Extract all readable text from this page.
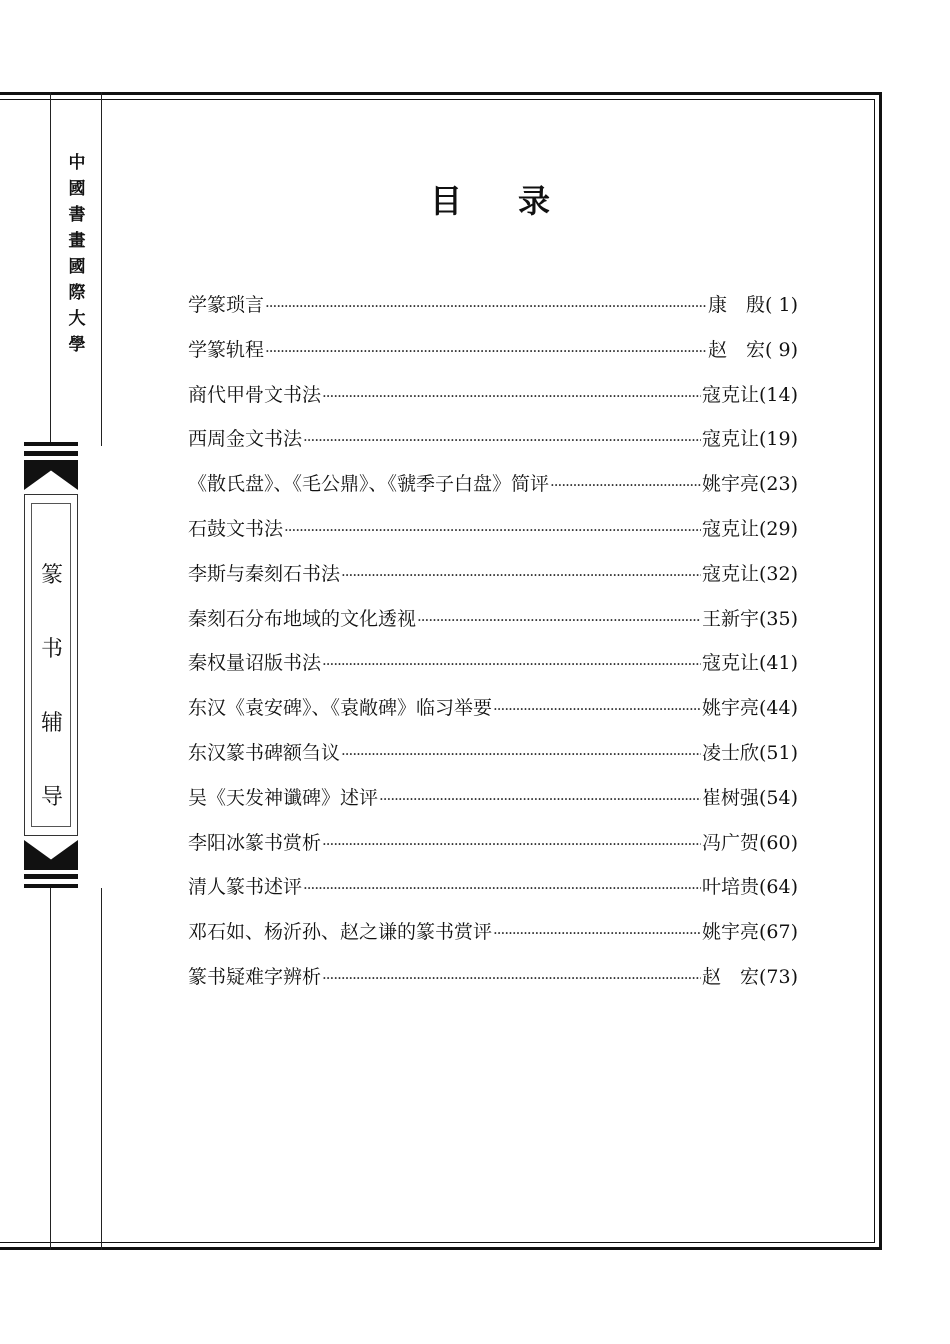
中
國
書
畫
國
際
大
學
篆
书
辅
导
目录
学篆琐言 ·····	康　殷 ( 1)
学篆轨程 ·····	赵　宏 ( 9)
商代甲骨文书法 ·····	寇克让 (14)
西周金文书法 ·····	寇克让 (19)
《散氏盘》、《毛公鼎》、《虢季子白盘》简评 ·····	姚宇亮 (23)
石鼓文书法 ·····	寇克让 (29)
李斯与秦刻石书法 ·····	寇克让 (32)
秦刻石分布地域的文化透视 ·····	王新宇 (35)
秦权量诏版书法 ·····	寇克让 (41)
东汉《袁安碑》、《袁敞碑》临习举要 ·····	姚宇亮 (44)
东汉篆书碑额刍议 ·····	凌士欣 (51)
吴《天发神谶碑》述评 ·····	崔树强 (54)
李阳冰篆书赏析 ·····	冯广贺 (60)
清人篆书述评 ·····	叶培贵 (64)
邓石如、杨沂孙、赵之谦的篆书赏评 ·····	姚宇亮 (67)
篆书疑难字辨析 ·····	赵　宏 (73)
